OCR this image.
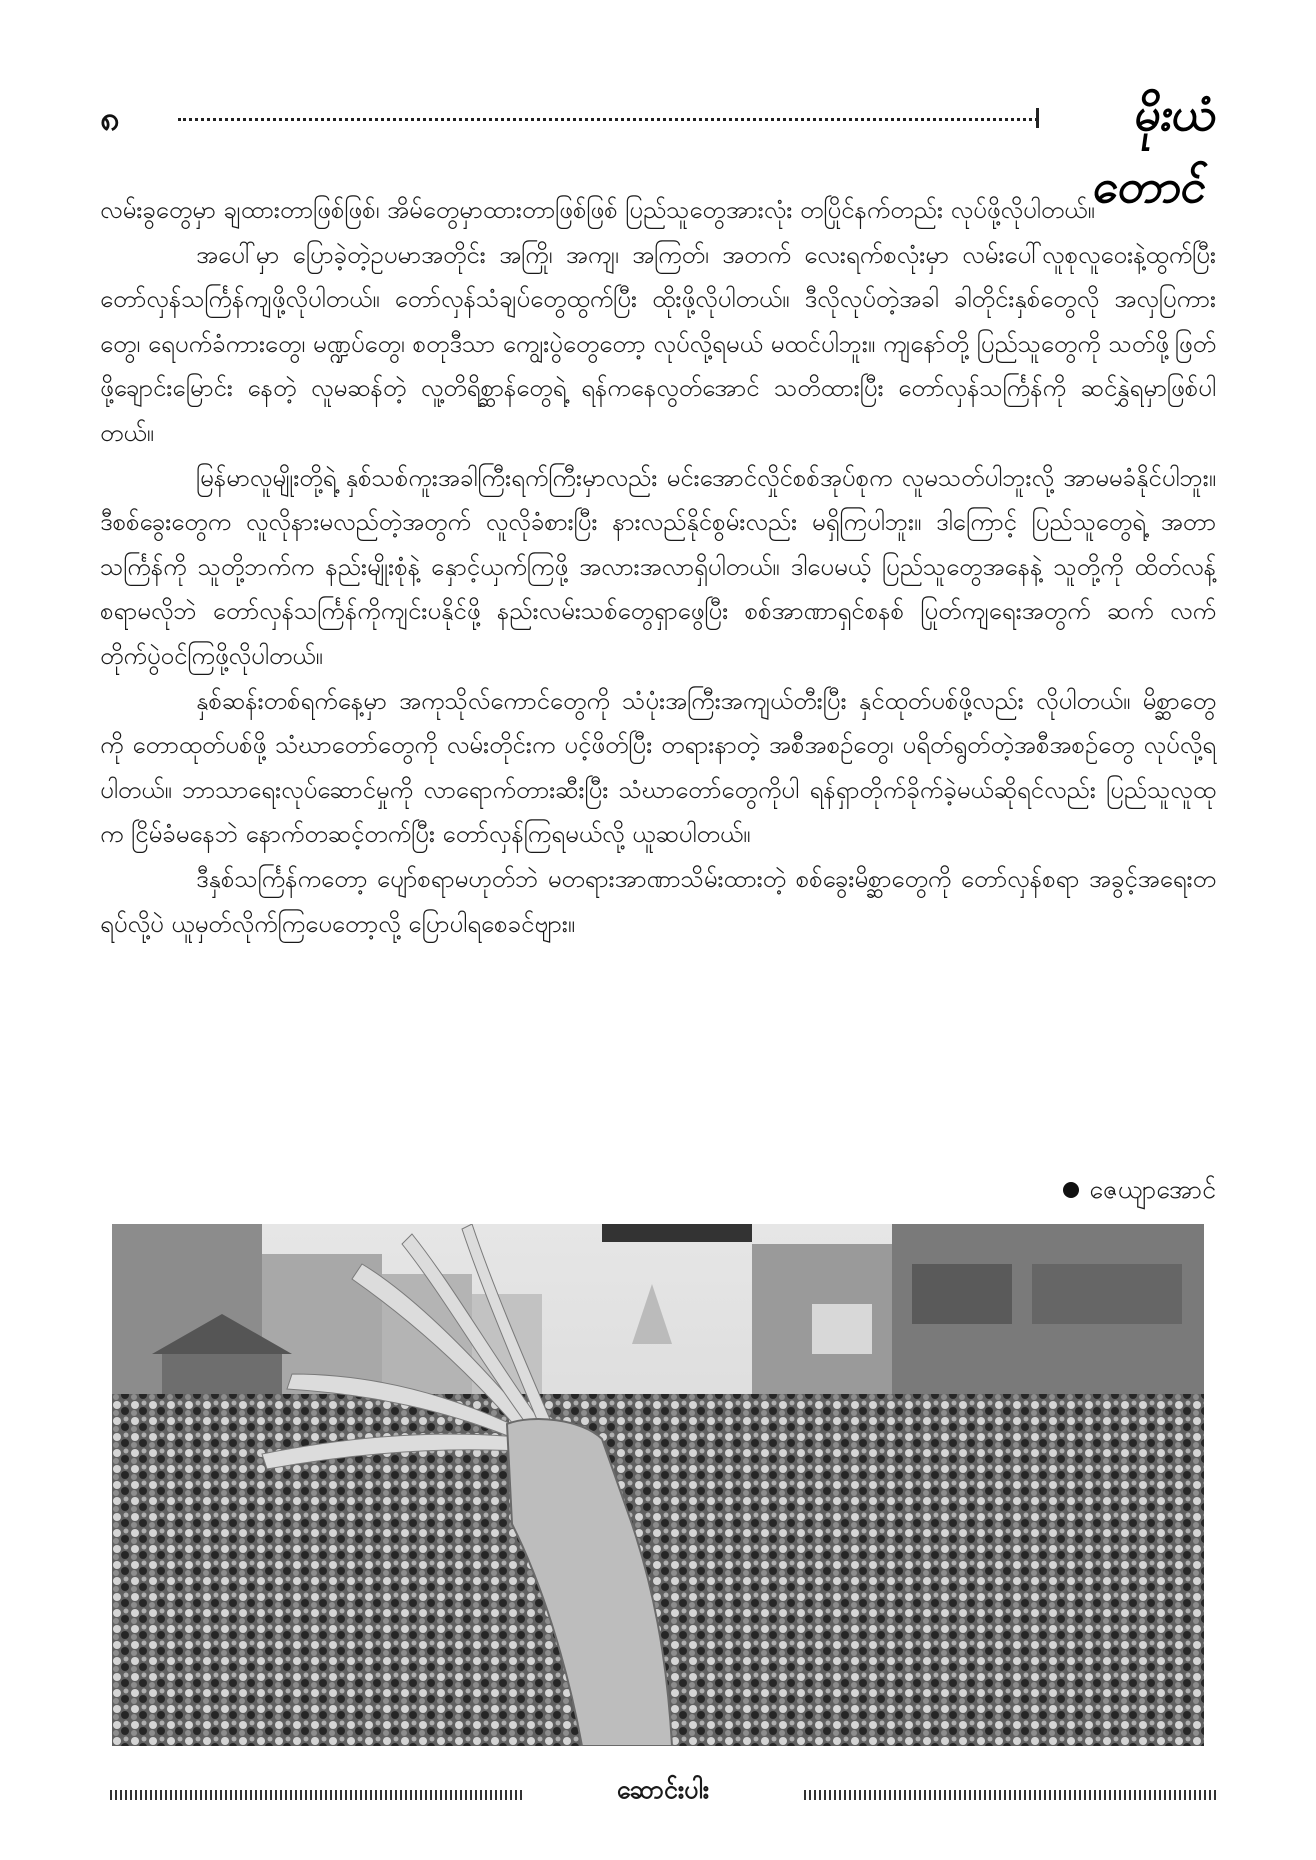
၈	မိုးယံတောင်

လမ်းခွတွေမှာ ချထားတာဖြစ်ဖြစ်၊ အိမ်တွေမှာထားတာဖြစ်ဖြစ် ပြည်သူတွေအားလုံး တပြိုင်နက်တည်း လုပ်ဖို့လိုပါတယ်။

အပေါ်မှာ ပြောခဲ့တဲ့ဥပမာအတိုင်း အကြို၊ အကျ၊ အကြတ်၊ အတက် လေးရက်စလုံးမှာ လမ်းပေါ်လူစုလူဝေးနဲ့ထွက်ပြီး တော်လှန်သင်္ကြန်ကျဖို့လိုပါတယ်။ တော်လှန်သံချပ်တွေထွက်ပြီး ထိုးဖို့လိုပါတယ်။ ဒီလိုလုပ်တဲ့အခါ ခါတိုင်းနှစ်တွေလို အလှပြကားတွေ၊ ရေပက်ခံကားတွေ၊ မဏ္ဍပ်တွေ၊ စတုဒီသာ ကျွေးပွဲတွေတော့ လုပ်လို့ရမယ် မထင်ပါဘူး။ ကျနော်တို့ ပြည်သူတွေကို သတ်ဖို့ဖြတ်ဖို့ချောင်းမြောင်း နေတဲ့ လူမဆန်တဲ့ လူ့တိရိစ္ဆာန်တွေရဲ့ ရန်ကနေလွတ်အောင် သတိထားပြီး တော်လှန်သင်္ကြန်ကို ဆင်နွှဲရမှာဖြစ်ပါတယ်။

မြန်မာလူမျိုးတို့ရဲ့ နှစ်သစ်ကူးအခါကြီးရက်ကြီးမှာလည်း မင်းအောင်လှိုင်စစ်အုပ်စုက လူမသတ်ပါဘူးလို့ အာမမခံနိုင်ပါဘူး။ ဒီစစ်ခွေးတွေက လူလိုနားမလည်တဲ့အတွက် လူလိုခံစားပြီး နားလည်နိုင်စွမ်းလည်း မရှိကြပါဘူး။ ဒါကြောင့် ပြည်သူတွေရဲ့ အတာသင်္ကြန်ကို သူတို့ဘက်က နည်းမျိုးစုံနဲ့ နှောင့်ယှက်ကြဖို့ အလားအလာရှိပါတယ်။ ဒါပေမယ့် ပြည်သူတွေအနေနဲ့ သူတို့ကို ထိတ်လန့်စရာမလိုဘဲ တော်လှန်သင်္ကြန်ကိုကျင်းပနိုင်ဖို့ နည်းလမ်းသစ်တွေရှာဖွေပြီး စစ်အာဏာရှင်စနစ် ပြုတ်ကျရေးအတွက် ဆက် လက်တိုက်ပွဲဝင်ကြဖို့လိုပါတယ်။

နှစ်ဆန်းတစ်ရက်နေ့မှာ အကုသိုလ်ကောင်တွေကို သံပုံးအကြီးအကျယ်တီးပြီး နှင်ထုတ်ပစ်ဖို့လည်း လိုပါတယ်။ မိစ္ဆာတွေကို တောထုတ်ပစ်ဖို့ သံဃာတော်တွေကို လမ်းတိုင်းက ပင့်ဖိတ်ပြီး တရားနာတဲ့ အစီအစဉ်တွေ၊ ပရိတ်ရွတ်တဲ့အစီအစဉ်တွေ လုပ်လို့ရပါတယ်။ ဘာသာရေးလုပ်ဆောင်မှုကို လာရောက်တားဆီးပြီး သံဃာတော်တွေကိုပါ ရန်ရှာတိုက်ခိုက်ခဲ့မယ်ဆိုရင်လည်း ပြည်သူလူထုက ငြိမ်ခံမနေဘဲ နောက်တဆင့်တက်ပြီး တော်လှန်ကြရမယ်လို့ ယူဆပါတယ်။

ဒီနှစ်သင်္ကြန်ကတော့ ပျော်စရာမဟုတ်ဘဲ မတရားအာဏာသိမ်းထားတဲ့ စစ်ခွေးမိစ္ဆာတွေကို တော်လှန်စရာ အခွင့်အရေးတရပ်လို့ပဲ ယူမှတ်လိုက်ကြပေတော့လို့ ပြောပါရစေခင်ဗျား။

ဇေယျာအောင်
ဆောင်းပါး
